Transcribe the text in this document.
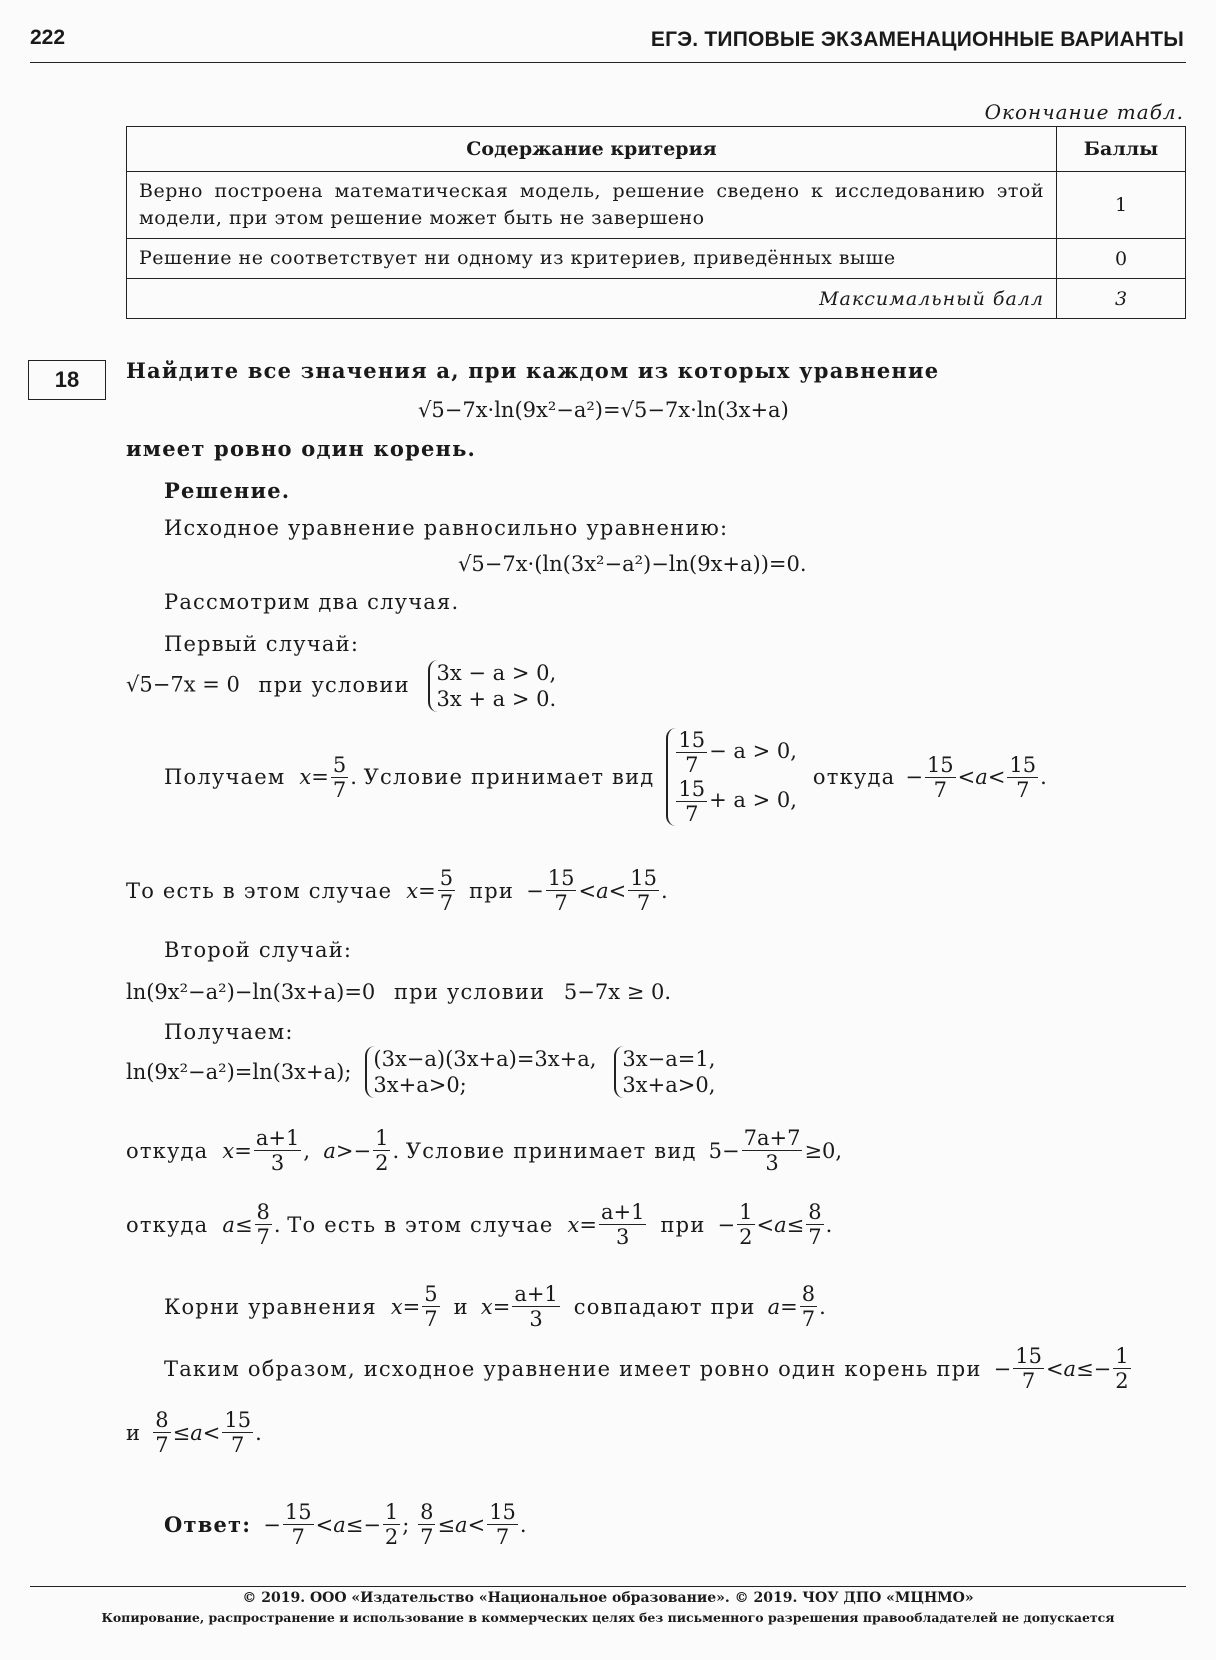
222	ЕГЭ. ТИПОВЫЕ ЭКЗАМЕНАЦИОННЫЕ ВАРИАНТЫ
Окончание табл.
Содержание критерия	Баллы
Верно построена математическая модель, решение сведено к исследованию этой модели, при этом решение может быть не завершено	1
Решение не соответствует ни одному из критериев, приведённых выше	0
Максимальный балл	3
18	Найдите все значения a, при каждом из которых уравнение
√5−7x·ln(9x²−a²)=√5−7x·ln(3x+a)
имеет ровно один корень.
Решение.
Исходное уравнение равносильно уравнению:
√5−7x·(ln(3x²−a²)−ln(9x+a))=0.
Рассмотрим два случая.
Первый случай:
√5−7x = 0 при условии 3x − a > 0,
3x + a > 0.
Получаем $x= \frac{5}{7}$ . Условие принимает вид $\frac{15}{7} - a > 0$,
$\frac{15}{7} + a > 0$,
откуда − $\frac{15}{7} <a< \frac{15}{7}$ .
То есть в этом случае $x= \frac{5}{7}$ при − $\frac{15}{7} <a< \frac{15}{7}$ .
Второй случай:
ln(9x²−a²)−ln(3x+a)=0 при условии 5−7x ≥ 0.
Получаем:
ln(9x²−a²)=ln(3x+a);
(3x−a)(3x+a)=3x+a,
3x+a>0;
3x−a=1,
3x+a>0,
откуда $x= \frac{a+1}{3}$ ,  $a>- \frac{1}{2}$ . Условие принимает вид $5- \frac{7a+7}{3} \ge 0$,
откуда $a\le \frac{8}{7}$ . То есть в этом случае $x= \frac{a+1}{3}$ при − $\frac{1}{2} <a\le \frac{8}{7}$ .
Корни уравнения $x= \frac{5}{7}$ и $x= \frac{a+1}{3}$ совпадают при $a= \frac{8}{7}$ .
Таким образом, исходное уравнение имеет ровно один корень при − $\frac{15}{7} <a\le- \frac{1}{2}$
и $\frac{8}{7} \le a< \frac{15}{7}$ .
Ответ: − $\frac{15}{7} <a\le- \frac{1}{2}$ ; $\frac{8}{7} \le a< \frac{15}{7}$ .
© 2019. ООО «Издательство «Национальное образование». © 2019. ЧОУ ДПО «МЦНМО»
Копирование, распространение и использование в коммерческих целях без письменного разрешения правообладателей не допускается
